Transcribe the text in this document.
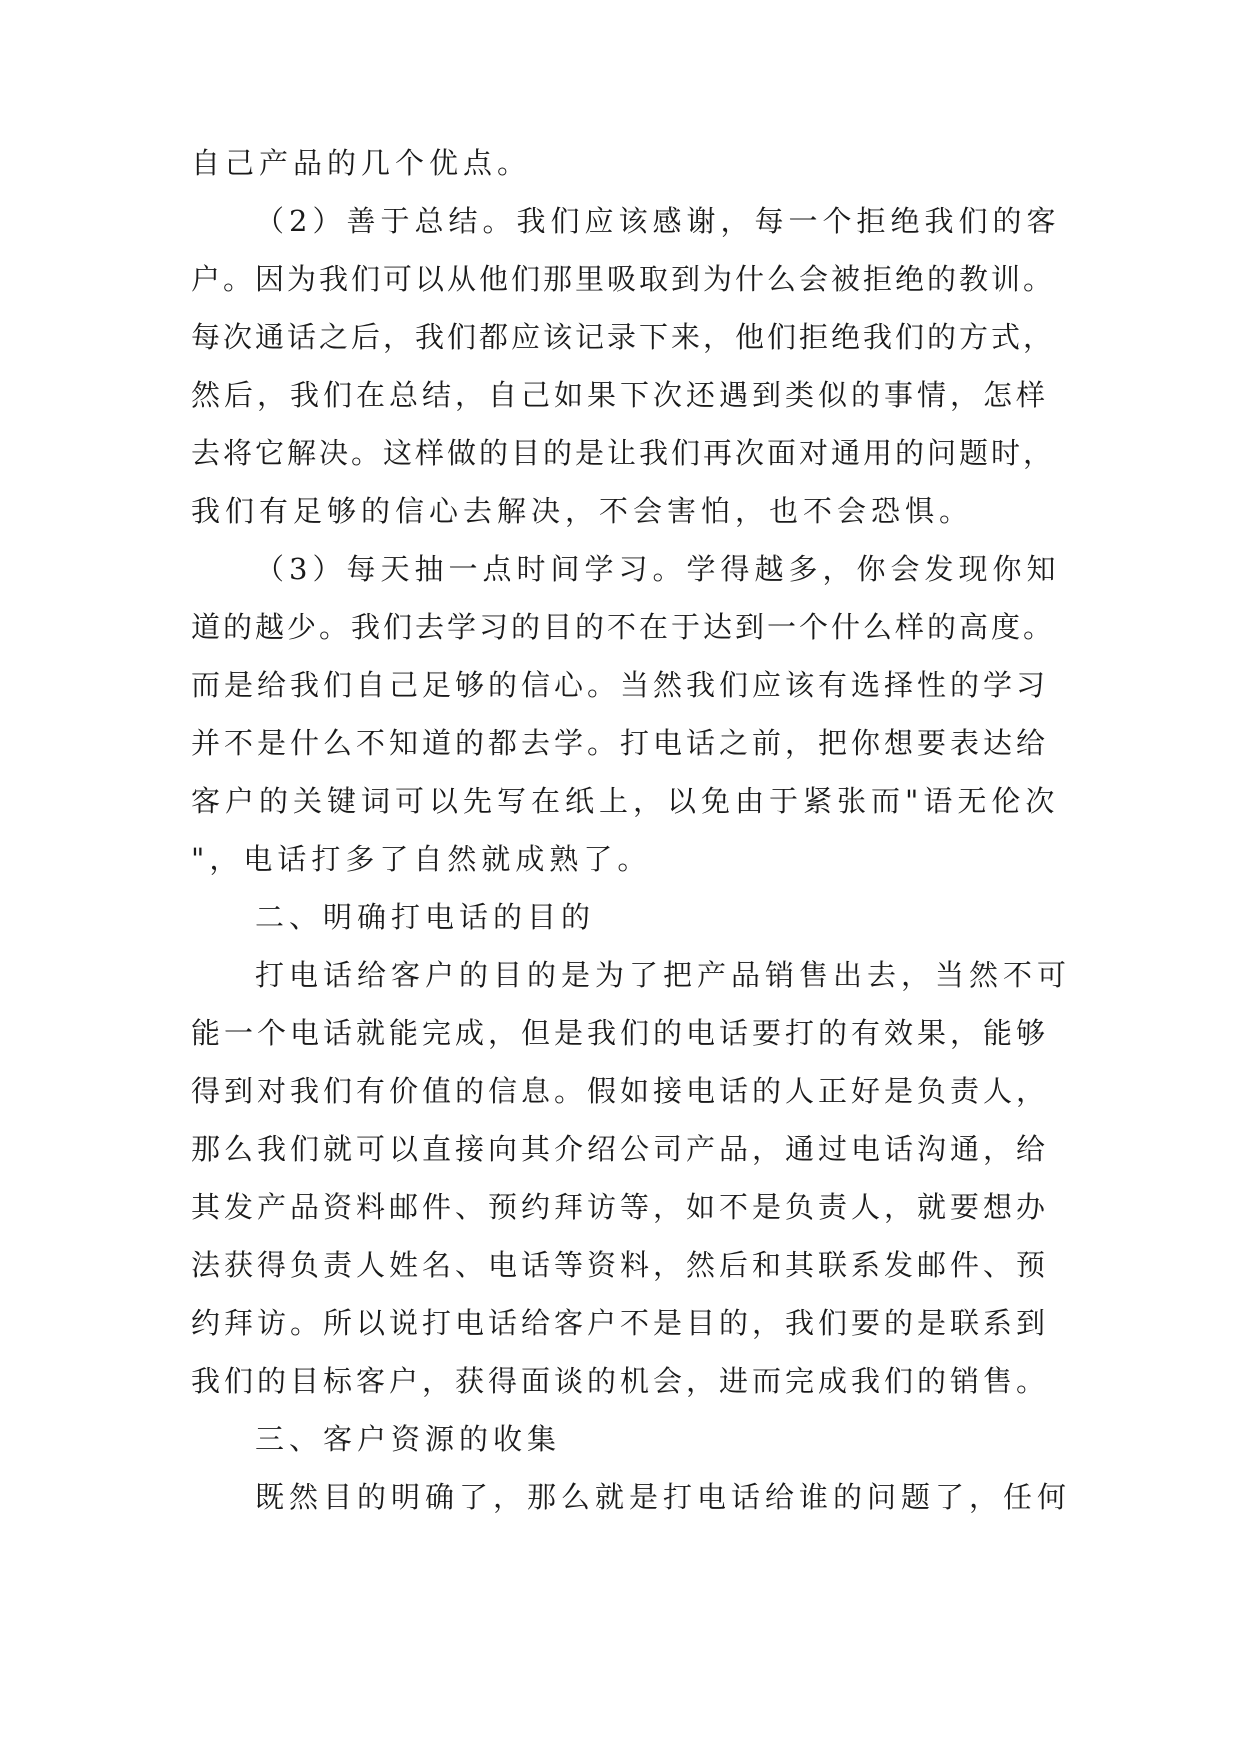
自己产品的几个优点。
（2）善于总结。我们应该感谢，每一个拒绝我们的客
户。因为我们可以从他们那里吸取到为什么会被拒绝的教训。
每次通话之后，我们都应该记录下来，他们拒绝我们的方式，
然后，我们在总结，自己如果下次还遇到类似的事情，怎样
去将它解决。这样做的目的是让我们再次面对通用的问题时，
我们有足够的信心去解决，不会害怕，也不会恐惧。
（3）每天抽一点时间学习。学得越多，你会发现你知
道的越少。我们去学习的目的不在于达到一个什么样的高度。
而是给我们自己足够的信心。当然我们应该有选择性的学习
并不是什么不知道的都去学。打电话之前，把你想要表达给
客户的关键词可以先写在纸上，以免由于紧张而"语无伦次
"，电话打多了自然就成熟了。
二、明确打电话的目的
打电话给客户的目的是为了把产品销售出去，当然不可
能一个电话就能完成，但是我们的电话要打的有效果，能够
得到对我们有价值的信息。假如接电话的人正好是负责人，
那么我们就可以直接向其介绍公司产品，通过电话沟通，给
其发产品资料邮件、预约拜访等，如不是负责人，就要想办
法获得负责人姓名、电话等资料，然后和其联系发邮件、预
约拜访。所以说打电话给客户不是目的，我们要的是联系到
我们的目标客户，获得面谈的机会，进而完成我们的销售。
三、客户资源的收集
既然目的明确了，那么就是打电话给谁的问题了，任何
